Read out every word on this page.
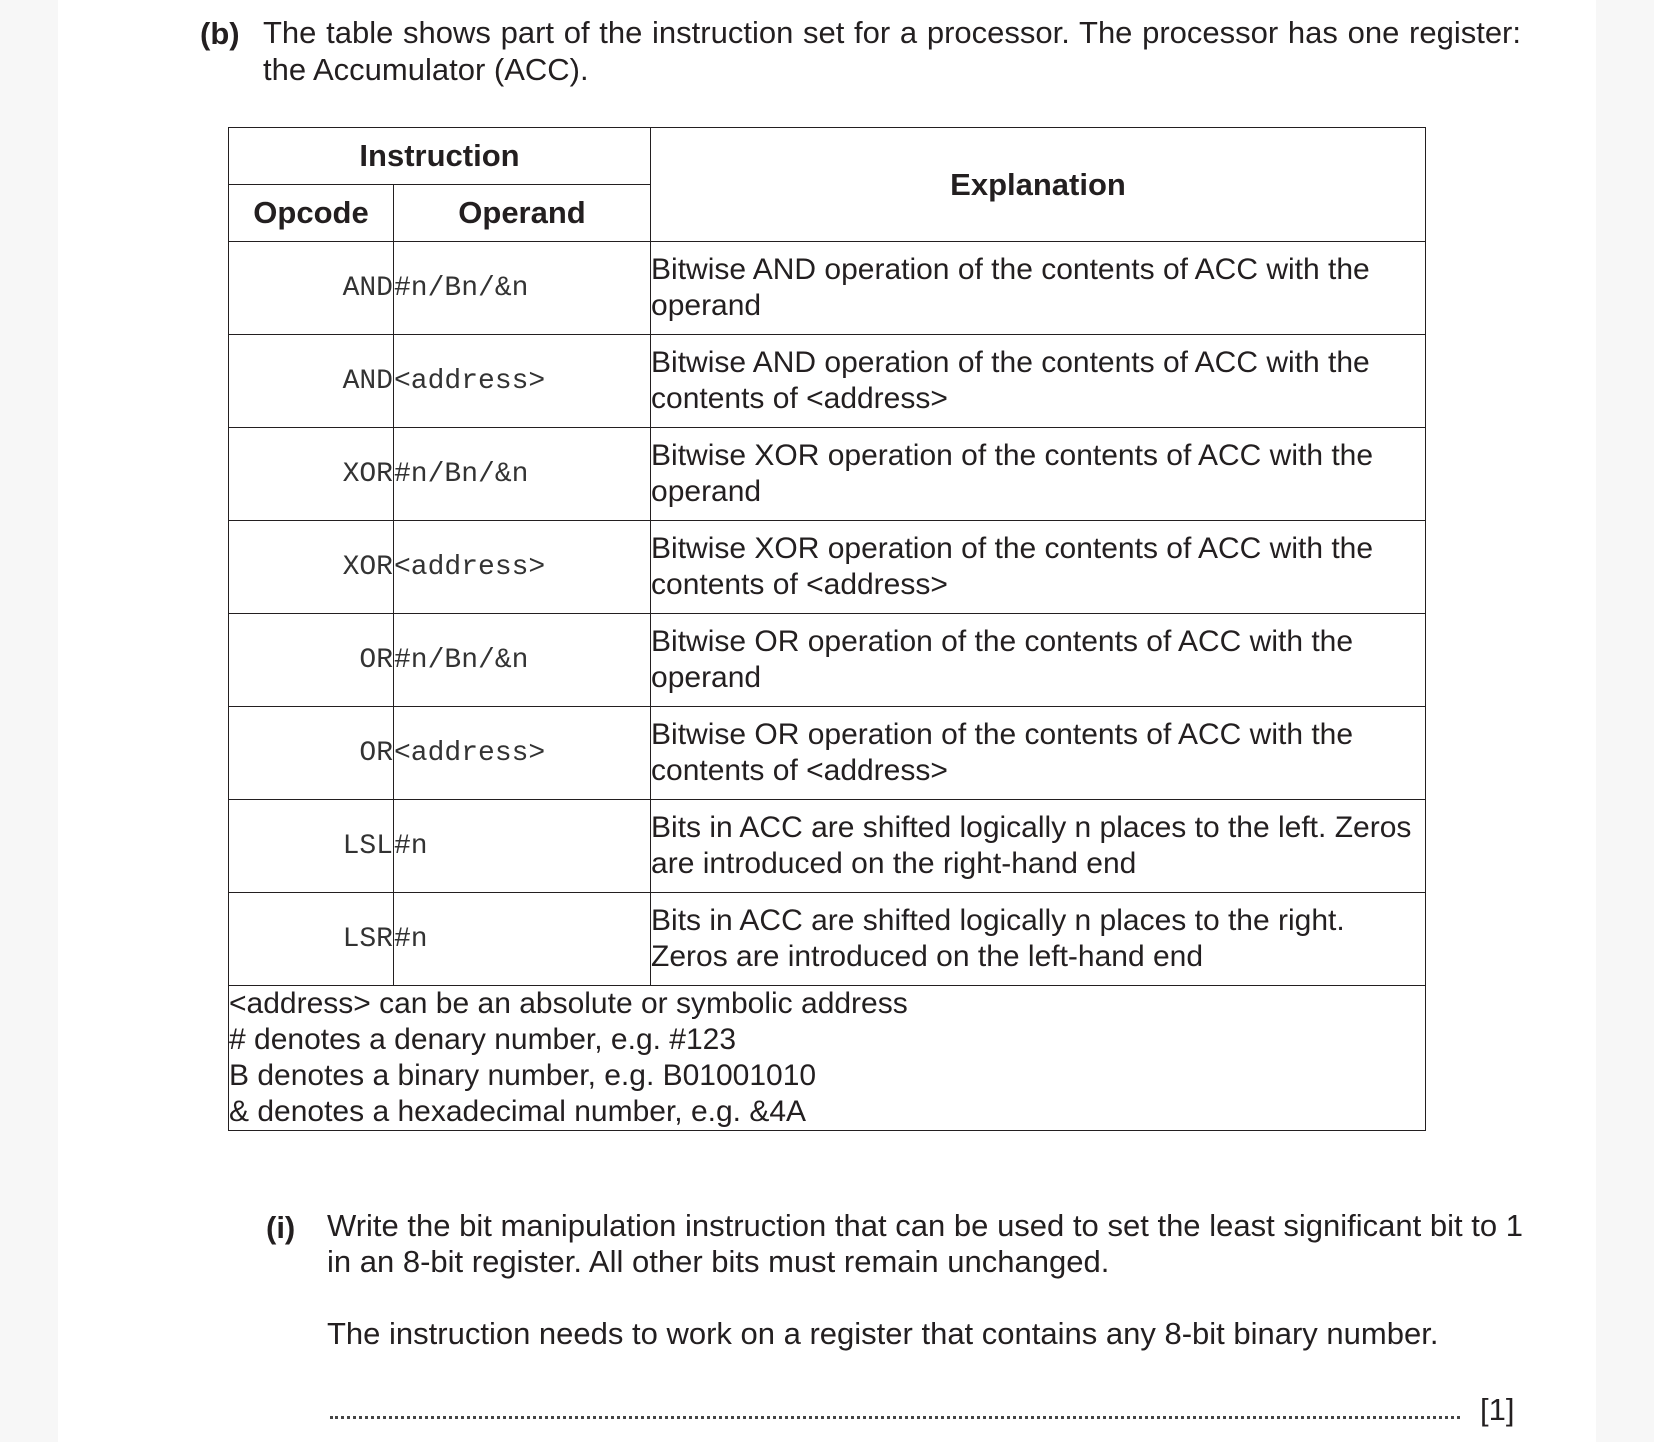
(b) The table shows part of the instruction set for a processor. The processor has one register: the Accumulator (ACC).
Instruction		Explanation
Opcode	Operand	
AND	#n/Bn/&n	Bitwise AND operation of the contents of ACC with the operand
AND	<address>	Bitwise AND operation of the contents of ACC with the contents of <address>
XOR	#n/Bn/&n	Bitwise XOR operation of the contents of ACC with the operand
XOR	<address>	Bitwise XOR operation of the contents of ACC with the contents of <address>
OR	#n/Bn/&n	Bitwise OR operation of the contents of ACC with the operand
OR	<address>	Bitwise OR operation of the contents of ACC with the contents of <address>
LSL	#n	Bits in ACC are shifted logically n places to the left. Zeros are introduced on the right-hand end
LSR	#n	Bits in ACC are shifted logically n places to the right. Zeros are introduced on the left-hand end

<address> can be an absolute or symbolic address
# denotes a denary number, e.g. #123
B denotes a binary number, e.g. B01001010
& denotes a hexadecimal number, e.g. &4A		
(i) Write the bit manipulation instruction that can be used to set the least significant bit to 1 in an 8-bit register. All other bits must remain unchanged.
The instruction needs to work on a register that contains any 8-bit binary number.
[1]
